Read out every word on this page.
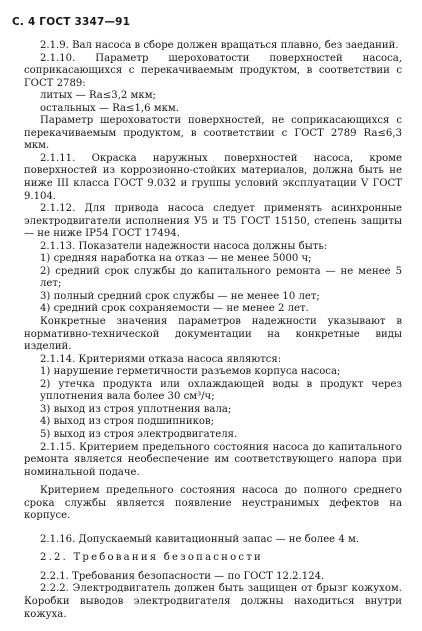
С. 4 ГОСТ 3347—91

2.1.9. Вал насоса в сборе должен вращаться плавно, без заеданий.

2.1.10. Параметр шероховатости поверхностей насоса, соприкасающихся с перекачиваемым продуктом, в соответствии с ГОСТ 2789:

литых — Ra≤3,2 мкм;

остальных — Ra≤1,6 мкм.

Параметр шероховатости поверхностей, не соприкасающихся с перекачиваемым продуктом, в соответствии с ГОСТ 2789 Ra≤6,3 мкм.

2.1.11. Окраска наружных поверхностей насоса, кроме поверхностей из коррозионно-стойких материалов, должна быть не ниже III класса ГОСТ 9.032 и группы условий эксплуатации V ГОСТ 9.104.

2.1.12. Для привода насоса следует применять асинхронные электродвигатели исполнения У5 и Т5 ГОСТ 15150, степень защиты — не ниже IP54 ГОСТ 17494.

2.1.13. Показатели надежности насоса должны быть:

1) средняя наработка на отказ — не менее 5000 ч;

2) средний срок службы до капитального ремонта — не менее 5 лет;

3) полный средний срок службы — не менее 10 лет;

4) средний срок сохраняемости — не менее 2 лет.

Конкретные значения параметров надежности указывают в нормативно-технической документации на конкретные виды изделий.

2.1.14. Критериями отказа насоса являются:

1) нарушение герметичности разъемов корпуса насоса;

2) утечка продукта или охлаждающей воды в продукт через уплотнения вала более 30 см³/ч;

3) выход из строя уплотнения вала;

4) выход из строя подшипников;

5) выход из строя электродвигателя.

2.1.15. Критерием предельного состояния насоса до капитального ремонта является необеспечение им соответствующего напора при номинальной подаче.

Критерием предельного состояния насоса до полного среднего срока службы является появление неустранимых дефектов на корпусе.

2.1.16. Допускаемый кавитационный запас — не более 4 м.

2.2. Требования безопасности

2.2.1. Требования безопасности — по ГОСТ 12.2.124.

2.2.2. Электродвигатель должен быть защищен от брызг кожухом. Коробки выводов электродвигателя должны находиться внутри кожуха.
